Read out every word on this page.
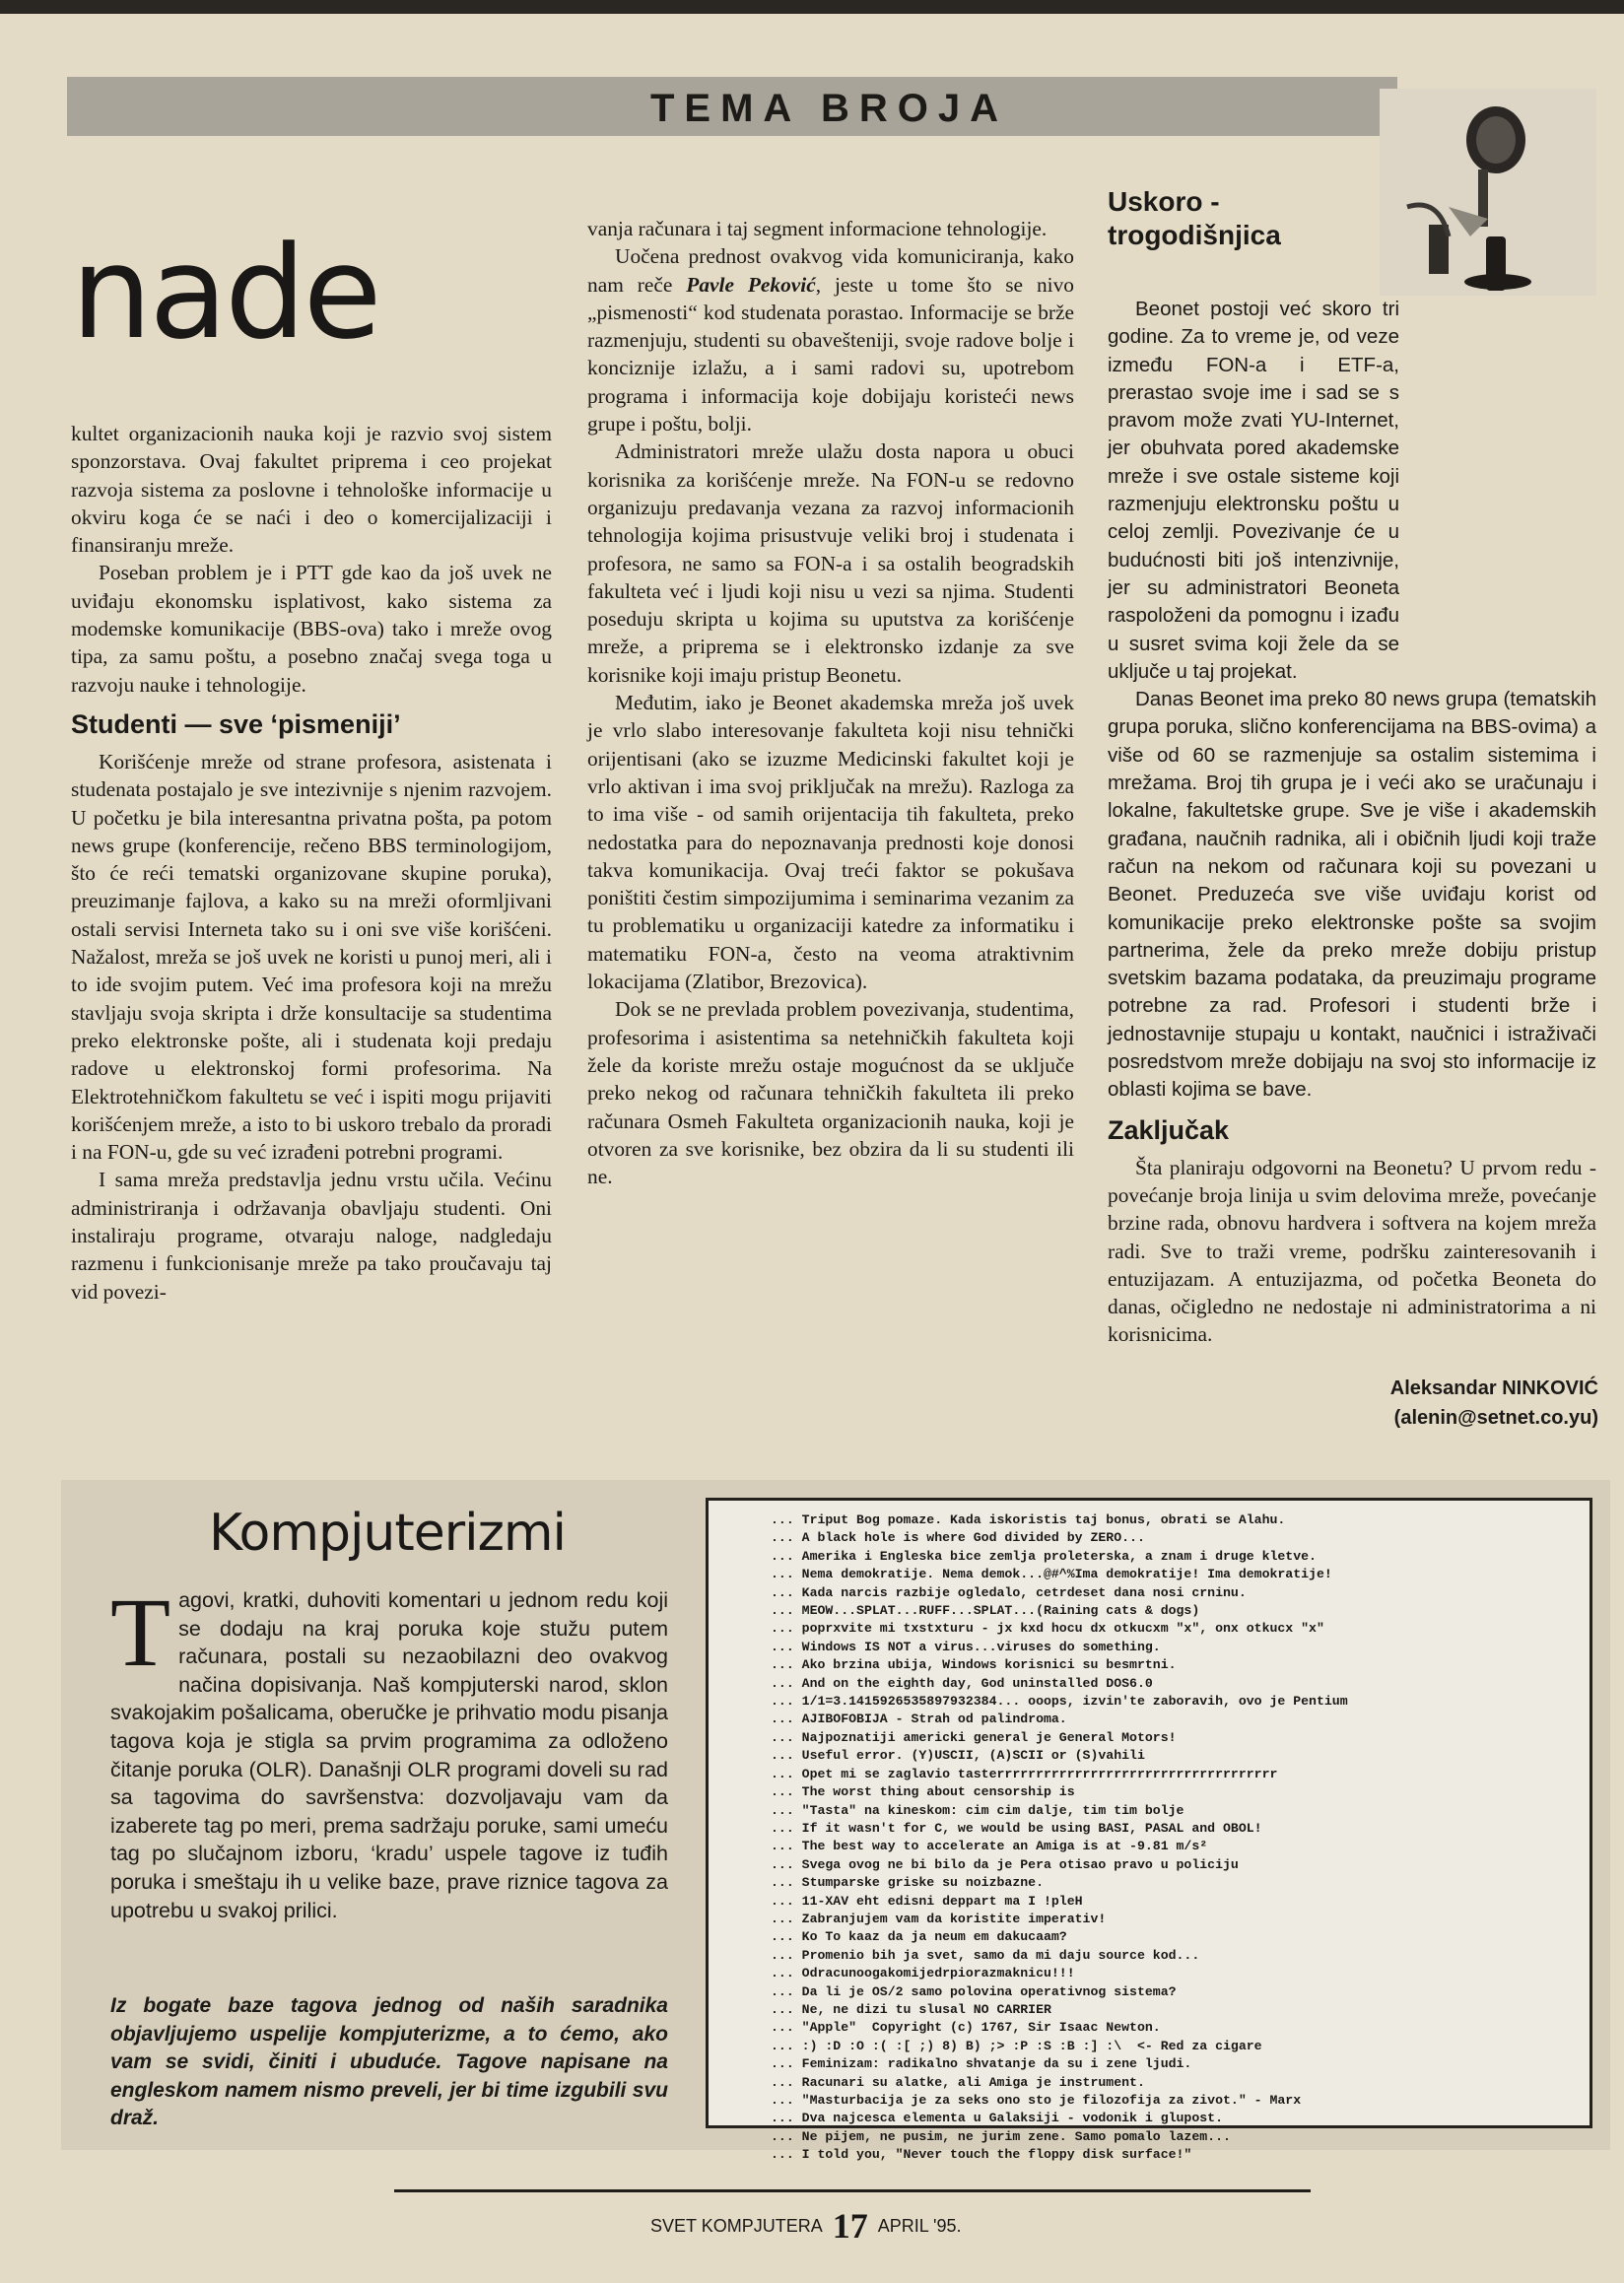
TEMA BROJA
nade

kultet organizacionih nauka koji je razvio svoj sistem sponzorstava. Ovaj fakultet priprema i ceo projekat razvoja sistema za poslovne i tehnološke informacije u okviru koga će se naći i deo o komercijalizaciji i finansiranju mreže.

Poseban problem je i PTT gde kao da još uvek ne uviđaju ekonomsku isplativost, kako sistema za modemske komunikacije (BBS-ova) tako i mreže ovog tipa, za samu poštu, a posebno značaj svega toga u razvoju nauke i tehnologije.

Studenti — sve ‘pismeniji’

Korišćenje mreže od strane profesora, asistenata i studenata postajalo je sve intezivnije s njenim razvojem. U početku je bila interesantna privatna pošta, pa potom news grupe (konferencije, rečeno BBS terminologijom, što će reći tematski organizovane skupine poruka), preuzimanje fajlova, a kako su na mreži oformljivani ostali servisi Interneta tako su i oni sve više korišćeni. Nažalost, mreža se još uvek ne koristi u punoj meri, ali i to ide svojim putem. Već ima profesora koji na mrežu stavljaju svoja skripta i drže konsultacije sa studentima preko elektronske pošte, ali i studenata koji predaju radove u elektronskoj formi profesorima. Na Elektrotehničkom fakultetu se već i ispiti mogu prijaviti korišćenjem mreže, a isto to bi uskoro trebalo da proradi i na FON-u, gde su već izrađeni potrebni programi.

I sama mreža predstavlja jednu vrstu učila. Većinu administriranja i održavanja obavljaju studenti. Oni instaliraju programe, otvaraju naloge, nadgledaju razmenu i funkcionisanje mreže pa tako proučavaju taj vid povezi-

vanja računara i taj segment informacione tehnologije.

Uočena prednost ovakvog vida komuniciranja, kako nam reče Pavle Peković, jeste u tome što se nivo „pismenosti“ kod studenata porastao. Informacije se brže razmenjuju, studenti su obavešteniji, svoje radove bolje i konciznije izlažu, a i sami radovi su, upotrebom programa i informacija koje dobijaju koristeći news grupe i poštu, bolji.

Administratori mreže ulažu dosta napora u obuci korisnika za korišćenje mreže. Na FON-u se redovno organizuju predavanja vezana za razvoj informacionih tehnologija kojima prisustvuje veliki broj i studenata i profesora, ne samo sa FON-a i sa ostalih beogradskih fakulteta već i ljudi koji nisu u vezi sa njima. Studenti poseduju skripta u kojima su uputstva za korišćenje mreže, a priprema se i elektronsko izdanje za sve korisnike koji imaju pristup Beonetu.

Međutim, iako je Beonet akademska mreža još uvek je vrlo slabo interesovanje fakulteta koji nisu tehnički orijentisani (ako se izuzme Medicinski fakultet koji je vrlo aktivan i ima svoj priključak na mrežu). Razloga za to ima više - od samih orijentacija tih fakulteta, preko nedostatka para do nepoznavanja prednosti koje donosi takva komunikacija. Ovaj treći faktor se pokušava poništiti čestim simpozijumima i seminarima vezanim za tu problematiku u organizaciji katedre za informatiku i matematiku FON-a, često na veoma atraktivnim lokacijama (Zlatibor, Brezovica).

Dok se ne prevlada problem povezivanja, studentima, profesorima i asistentima sa netehničkih fakulteta koji žele da koriste mrežu ostaje mogućnost da se uključe preko nekog od računara tehničkih fakulteta ili preko računara Osmeh Fakulteta organizacionih nauka, koji je otvoren za sve korisnike, bez obzira da li su studenti ili ne.

Uskoro - trogodišnjica

Beonet postoji već skoro tri godine. Za to vreme je, od veze između FON-a i ETF-a, prerastao svoje ime i sad se s pravom može zvati YU-Internet, jer obuhvata pored akademske mreže i sve ostale sisteme koji razmenjuju elektronsku poštu u celoj zemlji. Povezivanje će u budućnosti biti još intenzivnije, jer su administratori Beoneta raspoloženi da pomognu i izađu u susret svima koji žele da se uključe u taj projekat.

Danas Beonet ima preko 80 news grupa (tematskih grupa poruka, slično konferencijama na BBS-ovima) a više od 60 se razmenjuje sa ostalim sistemima i mrežama. Broj tih grupa je i veći ako se uračunaju i lokalne, fakultetske grupe. Sve je više i akademskih građana, naučnih radnika, ali i običnih ljudi koji traže račun na nekom od računara koji su povezani u Beonet. Preduzeća sve više uviđaju korist od komunikacije preko elektronske pošte sa svojim partnerima, žele da preko mreže dobiju pristup svetskim bazama podataka, da preuzimaju programe potrebne za rad. Profesori i studenti brže i jednostavnije stupaju u kontakt, naučnici i istraživači posredstvom mreže dobijaju na svoj sto informacije iz oblasti kojima se bave.

Zaključak

Šta planiraju odgovorni na Beonetu? U prvom redu - povećanje broja linija u svim delovima mreže, povećanje brzine rada, obnovu hardvera i softvera na kojem mreža radi. Sve to traži vreme, podršku zainteresovanih i entuzijazam. A entuzijazma, od početka Beoneta do danas, očigledno ne nedostaje ni administratorima a ni korisnicima.

Aleksandar NINKOVIĆ
(alenin@setnet.co.yu)
Kompjuterizmi

Tagovi, kratki, duhoviti komentari u jednom redu koji se dodaju na kraj poruka koje stužu putem računara, postali su nezaobilazni deo ovakvog načina dopisivanja. Naš kompjuterski narod, sklon svakojakim pošalicama, oberučke je prihvatio modu pisanja tagova koja je stigla sa prvim programima za odloženo čitanje poruka (OLR). Današnji OLR programi doveli su rad sa tagovima do savršenstva: dozvoljavaju vam da izaberete tag po meri, prema sadržaju poruke, sami umeću tag po slučajnom izboru, ‘kradu’ uspele tagove iz tuđih poruka i smeštaju ih u velike baze, prave riznice tagova za upotrebu u svakoj prilici.

Iz bogate baze tagova jednog od naših saradnika objavljujemo uspelije kompjuterizme, a to ćemo, ako vam se svidi, činiti i ubuduće. Tagove napisane na engleskom namem nismo preveli, jer bi time izgubili svu draž.
... Triput Bog pomaze. Kada iskoristis taj bonus, obrati se Alahu.
... A black hole is where God divided by ZERO...
... Amerika i Engleska bice zemlja proleterska, a znam i druge kletve.
... Nema demokratije. Nema demok...@#^%Ima demokratije! Ima demokratije!
... Kada narcis razbije ogledalo, cetrdeset dana nosi crninu.
... MEOW...SPLAT...RUFF...SPLAT...(Raining cats & dogs)
... poprxvite mi txstxturu - jx kxd hocu dx otkucxm "x", onx otkucx "x"
... Windows IS NOT a virus...viruses do something.
... Ako brzina ubija, Windows korisnici su besmrtni.
... And on the eighth day, God uninstalled DOS6.0
... 1/1=3.1415926535897932384... ooops, izvin'te zaboravih, ovo je Pentium
... AJIBOFOBIJA - Strah od palindroma.
... Najpoznatiji americki general je General Motors!
... Useful error. (Y)USCII, (A)SCII or (S)vahili
... Opet mi se zaglavio tasterrrrrrrrrrrrrrrrrrrrrrrrrrrrrrrrrrrr
... The worst thing about censorship is
... "Tasta" na kineskom: cim cim dalje, tim tim bolje
... If it wasn't for C, we would be using BASI, PASAL and OBOL!
... The best way to accelerate an Amiga is at -9.81 m/s²
... Svega ovog ne bi bilo da je Pera otisao pravo u policiju
... Stumparske griske su noizbazne.
... 11-XAV eht edisni deppart ma I !pleH
... Zabranjujem vam da koristite imperativ!
... Ko To kaaz da ja neum em dakucaam?
... Promenio bih ja svet, samo da mi daju source kod...
... Odracunoogakomijedrpiorazmaknicu!!!
... Da li je OS/2 samo polovina operativnog sistema?
... Ne, ne dizi tu slusal NO CARRIER
... "Apple"  Copyright (c) 1767, Sir Isaac Newton.
... :) :D :O :( :[ ;) 8) B) ;> :P :S :B :] :\  <- Red za cigare
... Feminizam: radikalno shvatanje da su i zene ljudi.
... Racunari su alatke, ali Amiga je instrument.
... "Masturbacija je za seks ono sto je filozofija za zivot." - Marx
... Dva najcesca elementa u Galaksiji - vodonik i glupost.
... Ne pijem, ne pusim, ne jurim zene. Samo pomalo lazem...
... I told you, "Never touch the floppy disk surface!"
SVET KOMPJUTERA 17 APRIL '95.
